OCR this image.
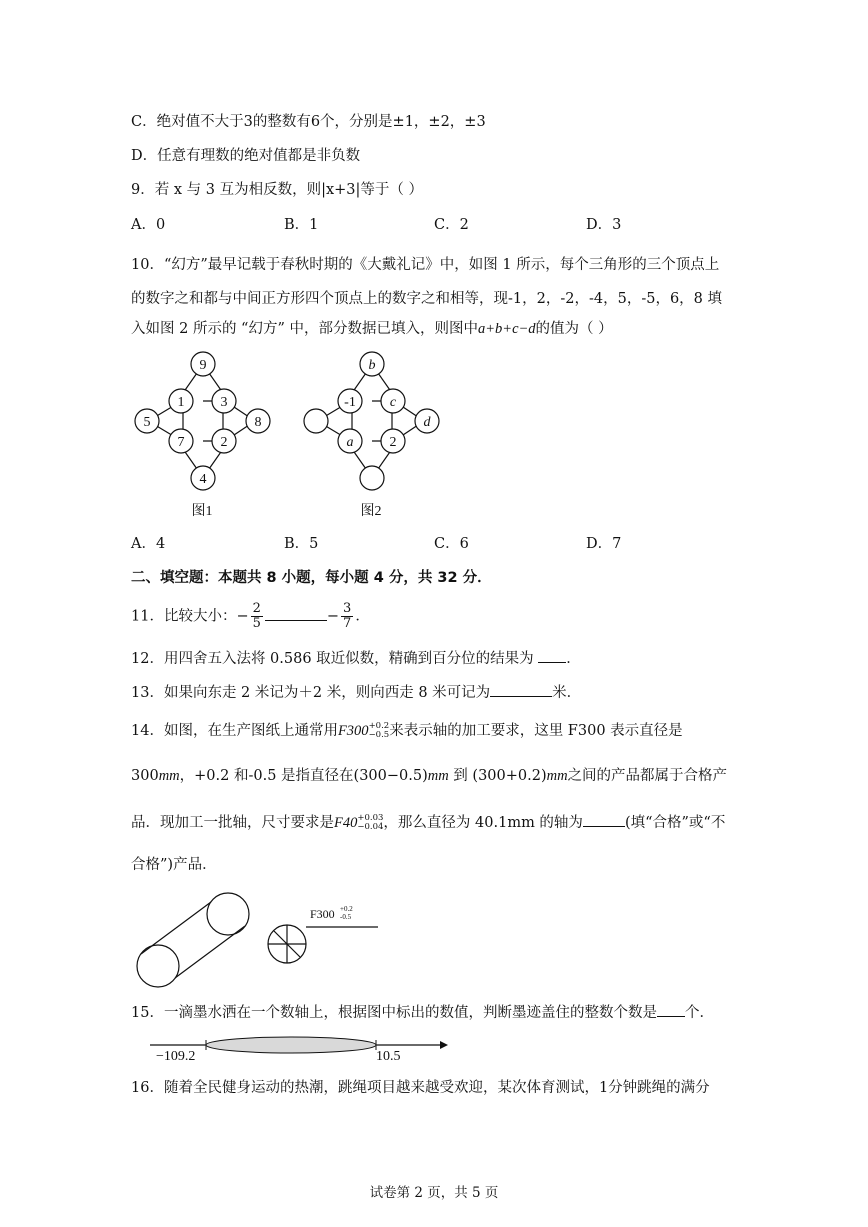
C．绝对值不大于3的整数有6个，分别是±1，±2，±3
D．任意有理数的绝对值都是非负数
9．若 x 与 3 互为相反数，则|x+3|等于（ ）
A．0	B．1	C．2	D．3
10．“幻方”最早记载于春秋时期的《大戴礼记》中，如图 1 所示，每个三角形的三个顶点上
的数字之和都与中间正方形四个顶点上的数字之和相等，现-1，2，-2，-4，5，-5，6，8 填
入如图 2 所示的 “幻方” 中，部分数据已填入，则图中a+b+c−d的值为（ ）
9
1	3
5	8
7	2
4
图1
b
-1 c
d
a	2
图2
A．4	B．5	C．6	D．7
二、填空题：本题共 8 小题，每小题 4 分，共 32 分．
11．比较大小：− $\frac{2}{5}$	− $\frac{3}{7}$ ．
12．用四舍五入法将 0.586 取近似数，精确到百分位的结果为 ．
13．如果向东走 2 米记为＋2 米，则向西走 8 米可记为	米．
14．如图，在生产图纸上通常用F300 +0.2
−0.5 来表示轴的加工要求，这里 F300 表示直径是
300mm，+0.2 和-0.5 是指直径在(300−0.5)mm 到 (300+0.2)mm之间的产品都属于合格产
品．现加工一批轴，尺寸要求是F40 +0.03
−0.04 ，那么直径为 40.1mm 的轴为	(填“合格”或“不
合格”)产品．
F300 +0.2
-0.5
15．一滴墨水洒在一个数轴上，根据图中标出的数值，判断墨迹盖住的整数个数是 个．
−109.2	10.5
16．随着全民健身运动的热潮，跳绳项目越来越受欢迎，某次体育测试，1分钟跳绳的满分
试卷第 2 页，共 5 页
